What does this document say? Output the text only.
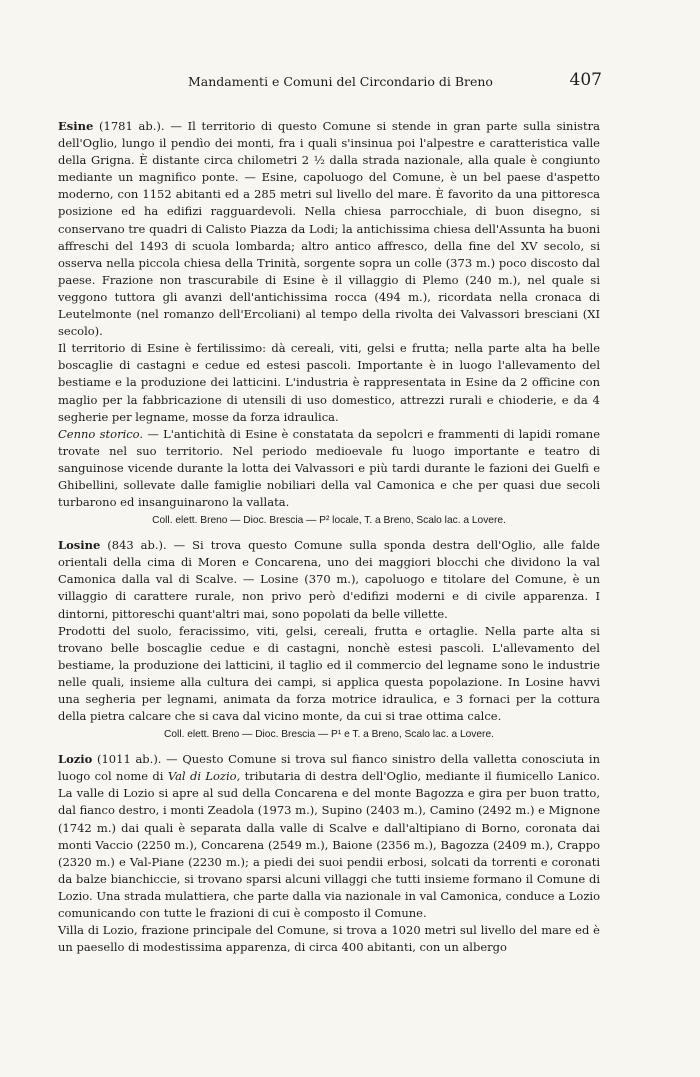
Mandamenti e Comuni del Circondario di Breno	407

Esine (1781 ab.). — Il territorio di questo Comune si stende in gran parte sulla sinistra dell'Oglio, lungo il pendìo dei monti, fra i quali s'insinua poi l'alpestre e caratteristica valle della Grigna. È distante circa chilometri 2 ½ dalla strada nazionale, alla quale è congiunto mediante un magnifico ponte. — Esine, capoluogo del Comune, è un bel paese d'aspetto moderno, con 1152 abitanti ed a 285 metri sul livello del mare. È favorito da una pittoresca posizione ed ha edifizi ragguardevoli. Nella chiesa parrocchiale, di buon disegno, si conservano tre quadri di Calisto Piazza da Lodi; la antichissima chiesa dell'Assunta ha buoni affreschi del 1493 di scuola lombarda; altro antico affresco, della fine del XV secolo, si osserva nella piccola chiesa della Trinità, sorgente sopra un colle (373 m.) poco discosto dal paese. Frazione non trascurabile di Esine è il villaggio di Plemo (240 m.), nel quale si veggono tuttora gli avanzi dell'antichissima rocca (494 m.), ricordata nella cronaca di Leutelmonte (nel romanzo dell'Ercoliani) al tempo della rivolta dei Valvassori bresciani (XI secolo).

Il territorio di Esine è fertilissimo: dà cereali, viti, gelsi e frutta; nella parte alta ha belle boscaglie di castagni e cedue ed estesi pascoli. Importante è in luogo l'allevamento del bestiame e la produzione dei latticini. L'industria è rappresentata in Esine da 2 officine con maglio per la fabbricazione di utensili di uso domestico, attrezzi rurali e chioderie, e da 4 segherie per legname, mosse da forza idraulica.

Cenno storico. — L'antichità di Esine è constatata da sepolcri e frammenti di lapidi romane trovate nel suo territorio. Nel periodo medioevale fu luogo importante e teatro di sanguinose vicende durante la lotta dei Valvassori e più tardi durante le fazioni dei Guelfi e Ghibellini, sollevate dalle famiglie nobiliari della val Camonica e che per quasi due secoli turbarono ed insanguinarono la vallata.

Coll. elett. Breno — Dioc. Brescia — P² locale, T. a Breno, Scalo lac. a Lovere.

Losine (843 ab.). — Si trova questo Comune sulla sponda destra dell'Oglio, alle falde orientali della cima di Moren e Concarena, uno dei maggiori blocchi che dividono la val Camonica dalla val di Scalve. — Losine (370 m.), capoluogo e titolare del Comune, è un villaggio di carattere rurale, non privo però d'edifizi moderni e di civile apparenza. I dintorni, pittoreschi quant'altri mai, sono popolati da belle villette.

Prodotti del suolo, feracissimo, viti, gelsi, cereali, frutta e ortaglie. Nella parte alta si trovano belle boscaglie cedue e di castagni, nonchè estesi pascoli. L'allevamento del bestiame, la produzione dei latticini, il taglio ed il commercio del legname sono le industrie nelle quali, insieme alla cultura dei campi, si applica questa popolazione. In Losine havvi una segheria per legnami, animata da forza motrice idraulica, e 3 fornaci per la cottura della pietra calcare che si cava dal vicino monte, da cui si trae ottima calce.

Coll. elett. Breno — Dioc. Brescia — P¹ e T. a Breno, Scalo lac. a Lovere.

Lozio (1011 ab.). — Questo Comune si trova sul fianco sinistro della valletta conosciuta in luogo col nome di Val di Lozio, tributaria di destra dell'Oglio, mediante il fiumicello Lanico. La valle di Lozio si apre al sud della Concarena e del monte Bagozza e gira per buon tratto, dal fianco destro, i monti Zeadola (1973 m.), Supino (2403 m.), Camino (2492 m.) e Mignone (1742 m.) dai quali è separata dalla valle di Scalve e dall'altipiano di Borno, coronata dai monti Vaccio (2250 m.), Concarena (2549 m.), Baione (2356 m.), Bagozza (2409 m.), Crappo (2320 m.) e Val-Piane (2230 m.); a piedi dei suoi pendii erbosi, solcati da torrenti e coronati da balze bianchiccie, si trovano sparsi alcuni villaggi che tutti insieme formano il Comune di Lozio. Una strada mulattiera, che parte dalla via nazionale in val Camonica, conduce a Lozio comunicando con tutte le frazioni di cui è composto il Comune.

Villa di Lozio, frazione principale del Comune, si trova a 1020 metri sul livello del mare ed è un paesello di modestissima apparenza, di circa 400 abitanti, con un albergo
